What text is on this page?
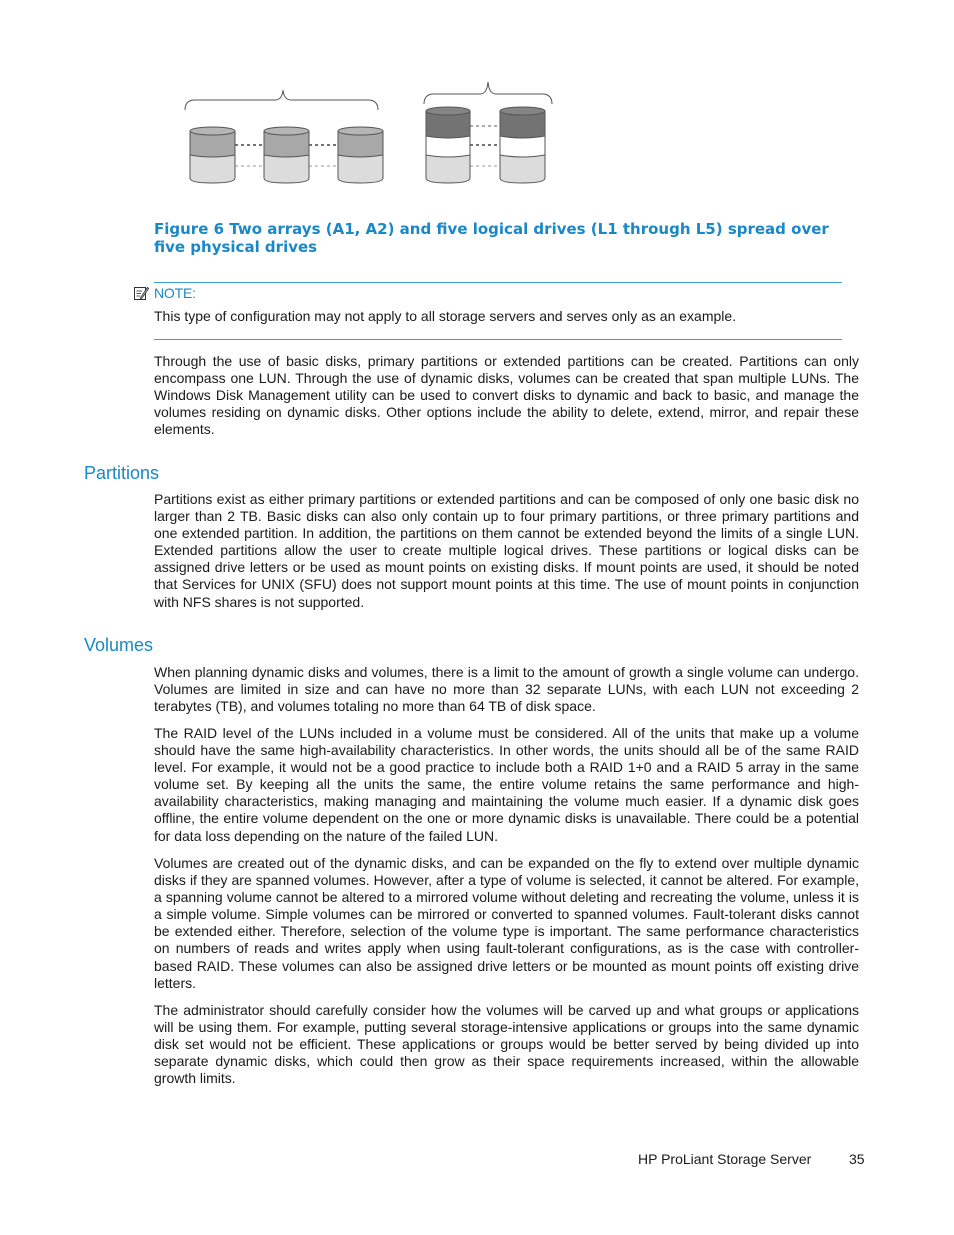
Figure 6 Two arrays (A1, A2) and five logical drives (L1 through L5) spread over five physical drives
NOTE:
This type of configuration may not apply to all storage servers and serves only as an example.
Through the use of basic disks, primary partitions or extended partitions can be created. Partitions can only encompass one LUN. Through the use of dynamic disks, volumes can be created that span multiple LUNs. The Windows Disk Management utility can be used to convert disks to dynamic and back to basic, and manage the volumes residing on dynamic disks. Other options include the ability to delete, extend, mirror, and repair these elements.
Partitions
Partitions exist as either primary partitions or extended partitions and can be composed of only one basic disk no larger than 2 TB. Basic disks can also only contain up to four primary partitions, or three primary partitions and one extended partition. In addition, the partitions on them cannot be extended beyond the limits of a single LUN. Extended partitions allow the user to create multiple logical drives. These partitions or logical disks can be assigned drive letters or be used as mount points on existing disks. If mount points are used, it should be noted that Services for UNIX (SFU) does not support mount points at this time. The use of mount points in conjunction with NFS shares is not supported.
Volumes
When planning dynamic disks and volumes, there is a limit to the amount of growth a single volume can undergo. Volumes are limited in size and can have no more than 32 separate LUNs, with each LUN not exceeding 2 terabytes (TB), and volumes totaling no more than 64 TB of disk space.
The RAID level of the LUNs included in a volume must be considered. All of the units that make up a volume should have the same high-availability characteristics. In other words, the units should all be of the same RAID level. For example, it would not be a good practice to include both a RAID 1+0 and a RAID 5 array in the same volume set. By keeping all the units the same, the entire volume retains the same performance and high-availability characteristics, making managing and maintaining the volume much easier. If a dynamic disk goes offline, the entire volume dependent on the one or more dynamic disks is unavailable. There could be a potential for data loss depending on the nature of the failed LUN.
Volumes are created out of the dynamic disks, and can be expanded on the fly to extend over multiple dynamic disks if they are spanned volumes. However, after a type of volume is selected, it cannot be altered. For example, a spanning volume cannot be altered to a mirrored volume without deleting and recreating the volume, unless it is a simple volume. Simple volumes can be mirrored or converted to spanned volumes. Fault-tolerant disks cannot be extended either. Therefore, selection of the volume type is important. The same performance characteristics on numbers of reads and writes apply when using fault-tolerant configurations, as is the case with controller-based RAID. These volumes can also be assigned drive letters or be mounted as mount points off existing drive letters.
The administrator should carefully consider how the volumes will be carved up and what groups or applications will be using them. For example, putting several storage-intensive applications or groups into the same dynamic disk set would not be efficient. These applications or groups would be better served by being divided up into separate dynamic disks, which could then grow as their space requirements increased, within the allowable growth limits.
HP ProLiant Storage Server	35
